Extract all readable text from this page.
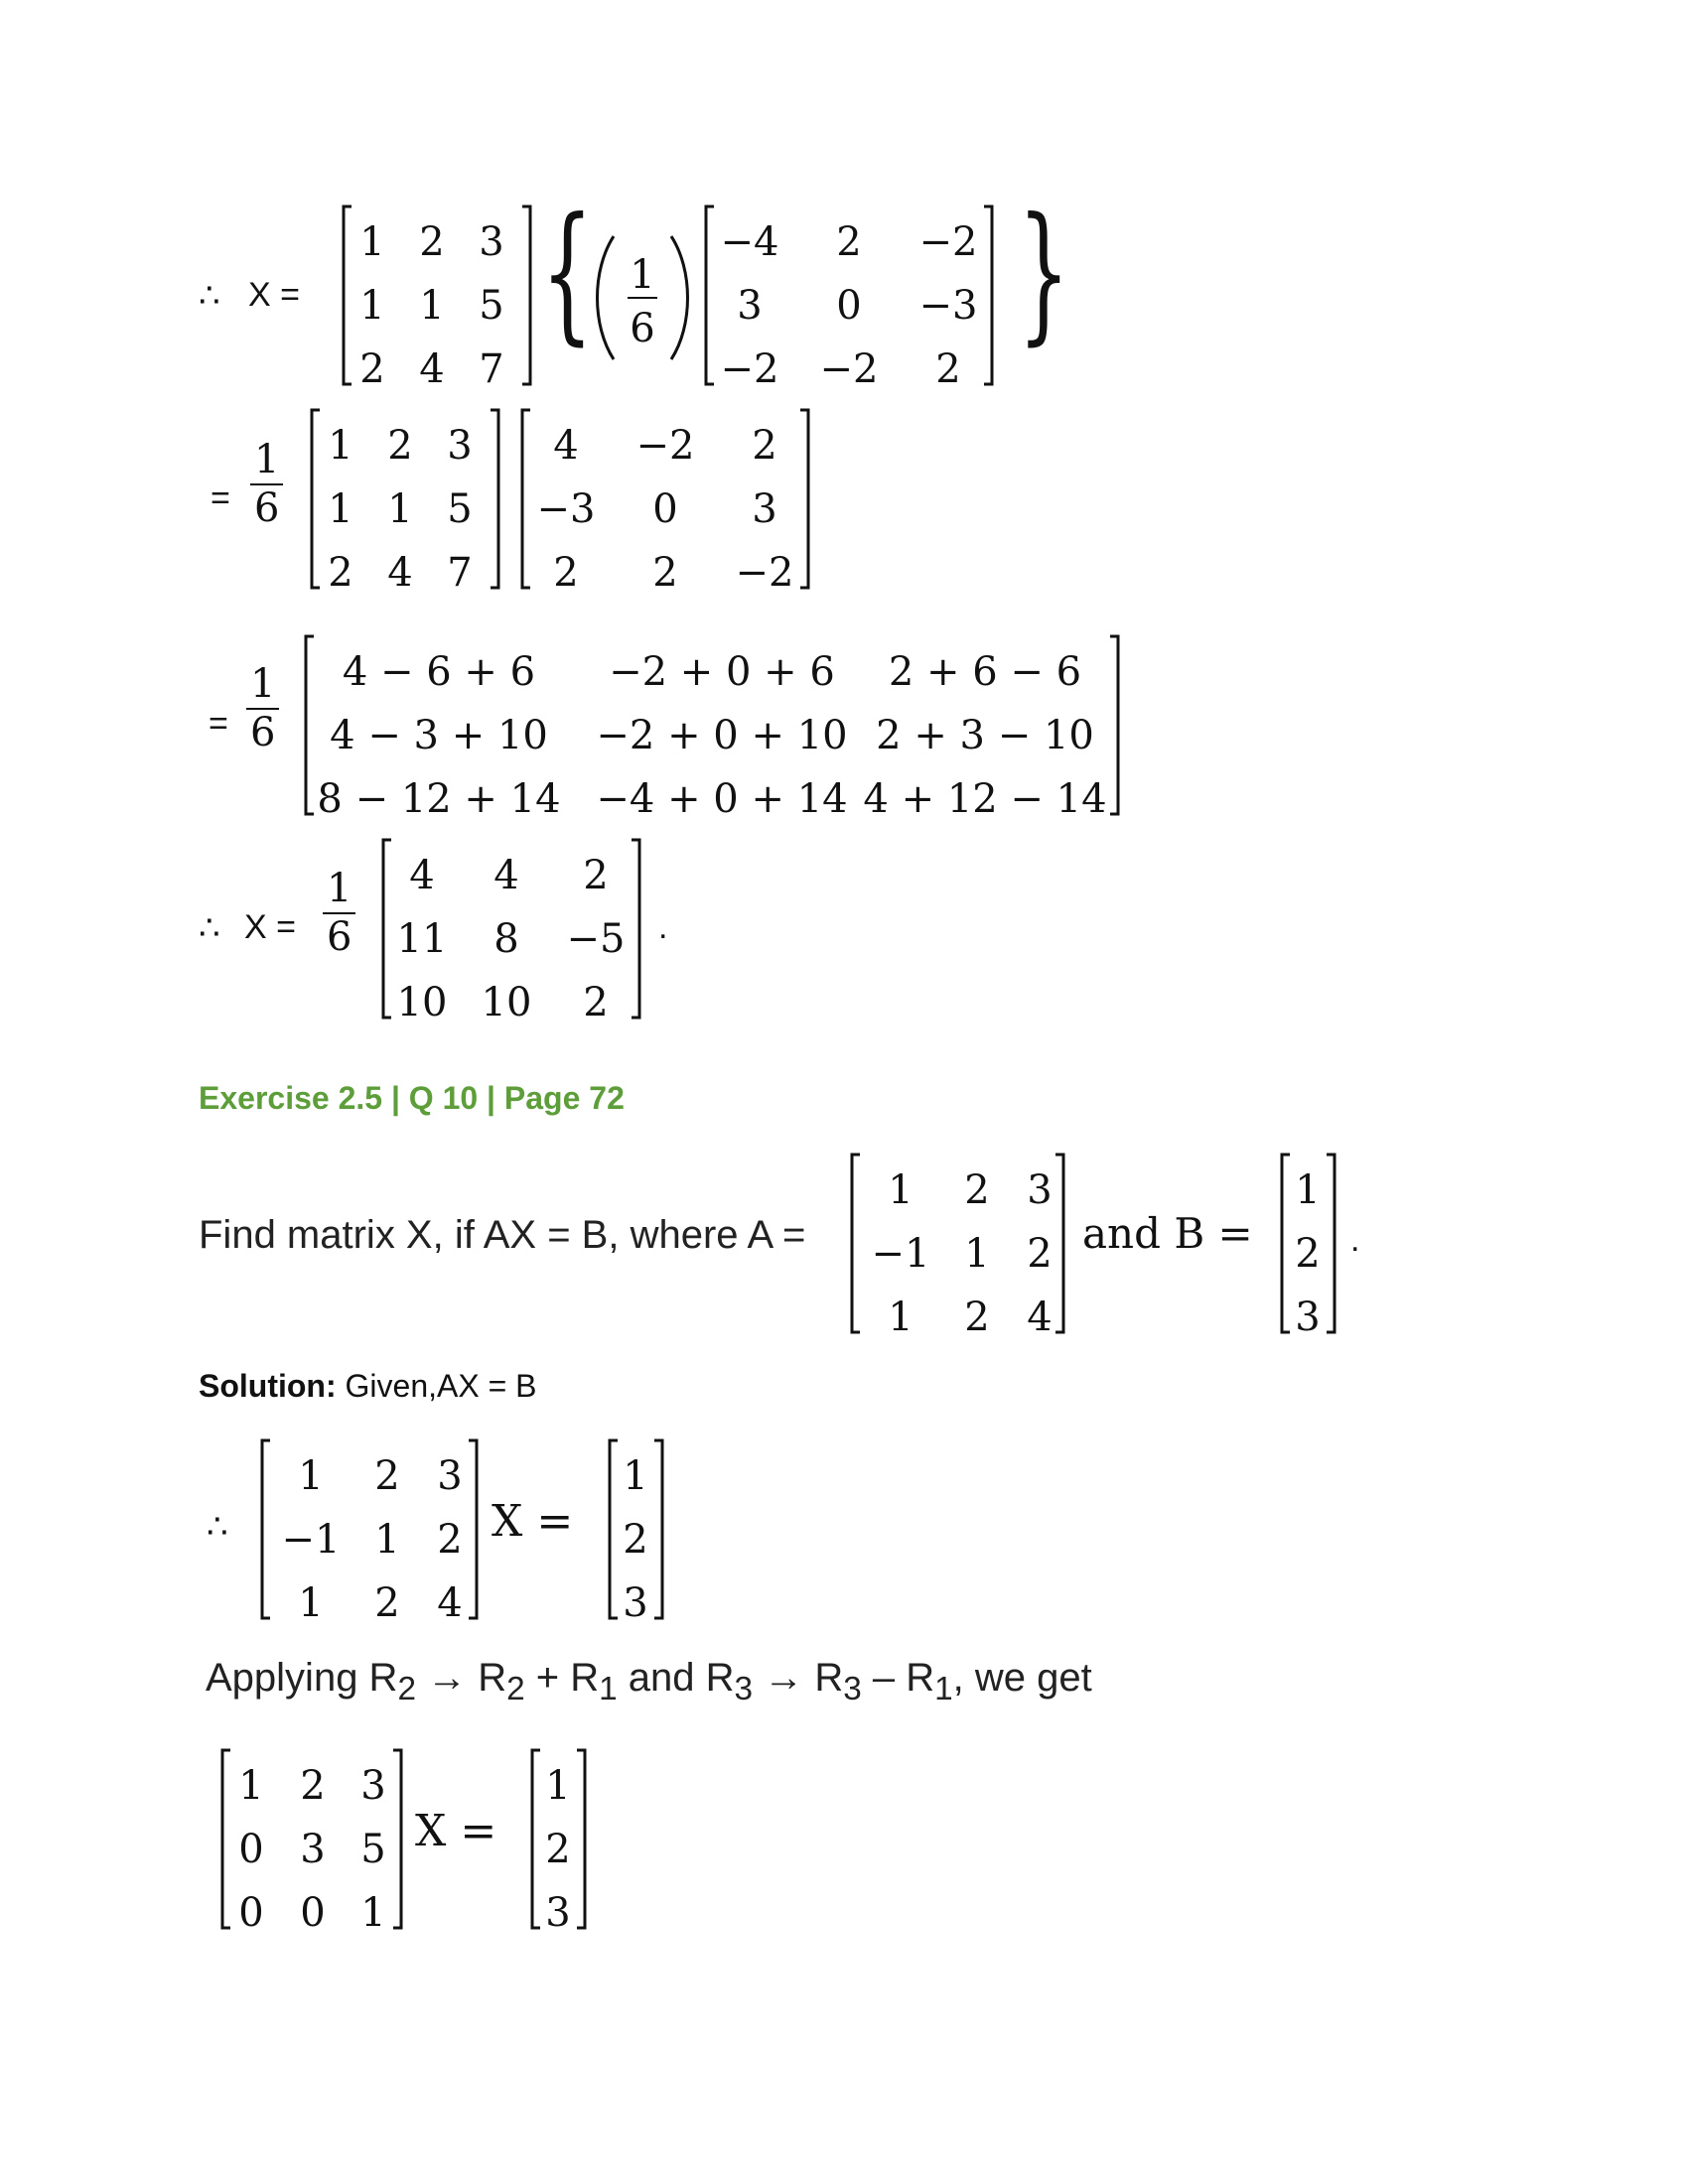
∴ X =
1 2 3
1 1 5
2 4 7
{ 1
6
−4 2 −2
3 0 −3
−2 −2 2
}
=
1
6
1 2 3
1 1 5
2 4 7
4 −2 2
−3 0 3
2 2 −2
=
1
6
4 − 6 + 6 −2 + 0 + 6 2 + 6 − 6
4 − 3 + 10 −2 + 0 + 10 2 + 3 − 10
8 − 12 + 14 −4 + 0 + 14 4 + 12 − 14
∴ X =
1
6
4 4 2
11 8 −5
10 10 2
.
Exercise 2.5 | Q 10 | Page 72
Find matrix X, if AX = B, where A =
1 2 3
−1 1 2
1 2 4
and B =
1
2
3
.
Solution: Given,AX = B
∴
1 2 3
−1 1 2
1 2 4
X =
1
2
3
Applying $R_2 \to R_2 + R_1$ and $R_3 \to R_3 - R_1$, we get
1 2 3
0 3 5
0 0 1
X =
1
2
3
